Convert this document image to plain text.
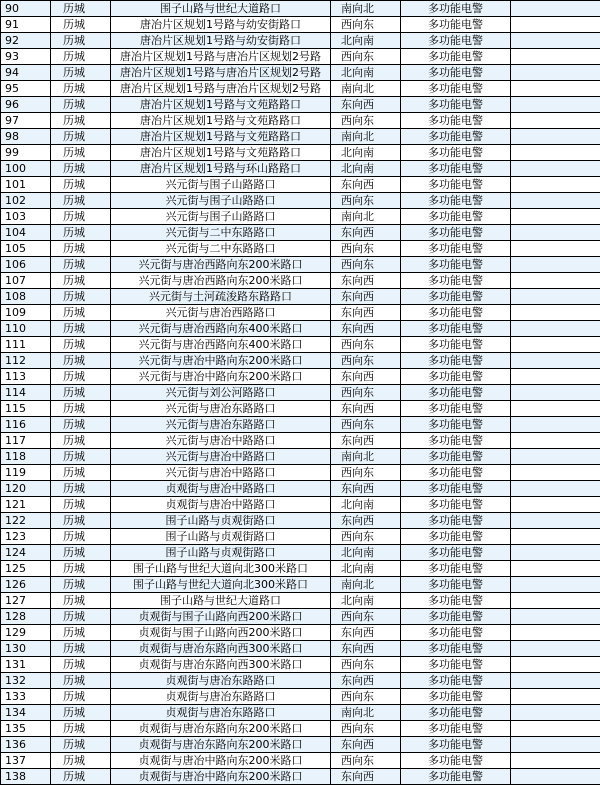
90	历城	围子山路与世纪大道路口	南向北	多功能电警	
91	历城	唐冶片区规划1号路与幼安街路口	西向东	多功能电警	
92	历城	唐冶片区规划1号路与幼安街路口	北向南	多功能电警	
93	历城	唐冶片区规划1号路与唐冶片区规划2号路	西向东	多功能电警	
94	历城	唐冶片区规划1号路与唐冶片区规划2号路	北向南	多功能电警	
95	历城	唐冶片区规划1号路与唐冶片区规划2号路	南向北	多功能电警	
96	历城	唐冶片区规划1号路与文苑路路口	东向西	多功能电警	
97	历城	唐冶片区规划1号路与文苑路路口	西向东	多功能电警	
98	历城	唐冶片区规划1号路与文苑路路口	南向北	多功能电警	
99	历城	唐冶片区规划1号路与文苑路路口	北向南	多功能电警	
100	历城	唐冶片区规划1号路与环山路路口	北向南	多功能电警	
101	历城	兴元街与围子山路路口	东向西	多功能电警	
102	历城	兴元街与围子山路路口	西向东	多功能电警	
103	历城	兴元街与围子山路路口	南向北	多功能电警	
104	历城	兴元街与二中东路路口	东向西	多功能电警	
105	历城	兴元街与二中东路路口	西向东	多功能电警	
106	历城	兴元街与唐冶西路向东200米路口	西向东	多功能电警	
107	历城	兴元街与唐冶西路向东200米路口	东向西	多功能电警	
108	历城	兴元街与土河疏浚路东路路口	东向西	多功能电警	
109	历城	兴元街与唐冶西路路口	东向西	多功能电警	
110	历城	兴元街与唐冶西路向东400米路口	东向西	多功能电警	
111	历城	兴元街与唐冶西路向东400米路口	西向东	多功能电警	
112	历城	兴元街与唐冶中路向东200米路口	西向东	多功能电警	
113	历城	兴元街与唐冶中路向东200米路口	东向西	多功能电警	
114	历城	兴元街与刘公河路路口	西向东	多功能电警	
115	历城	兴元街与唐冶东路路口	东向西	多功能电警	
116	历城	兴元街与唐冶东路路口	西向东	多功能电警	
117	历城	兴元街与唐冶中路路口	东向西	多功能电警	
118	历城	兴元街与唐冶中路路口	南向北	多功能电警	
119	历城	兴元街与唐冶中路路口	西向东	多功能电警	
120	历城	贞观街与唐冶中路路口	东向西	多功能电警	
121	历城	贞观街与唐冶中路路口	北向南	多功能电警	
122	历城	围子山路与贞观街路口	东向西	多功能电警	
123	历城	围子山路与贞观街路口	西向东	多功能电警	
124	历城	围子山路与贞观街路口	北向南	多功能电警	
125	历城	围子山路与世纪大道向北300米路口	北向南	多功能电警	
126	历城	围子山路与世纪大道向北300米路口	南向北	多功能电警	
127	历城	围子山路与世纪大道路口	北向南	多功能电警	
128	历城	贞观街与围子山路向西200米路口	西向东	多功能电警	
129	历城	贞观街与围子山路向西200米路口	东向西	多功能电警	
130	历城	贞观街与唐冶东路向西300米路口	东向西	多功能电警	
131	历城	贞观街与唐冶东路向西300米路口	西向东	多功能电警	
132	历城	贞观街与唐冶东路路口	东向西	多功能电警	
133	历城	贞观街与唐冶东路路口	西向东	多功能电警	
134	历城	贞观街与唐冶东路路口	南向北	多功能电警	
135	历城	贞观街与唐冶东路向东200米路口	西向东	多功能电警	
136	历城	贞观街与唐冶东路向东200米路口	东向西	多功能电警	
137	历城	贞观街与唐冶中路向东200米路口	西向东	多功能电警	
138	历城	贞观街与唐冶中路向东200米路口	东向西	多功能电警	
